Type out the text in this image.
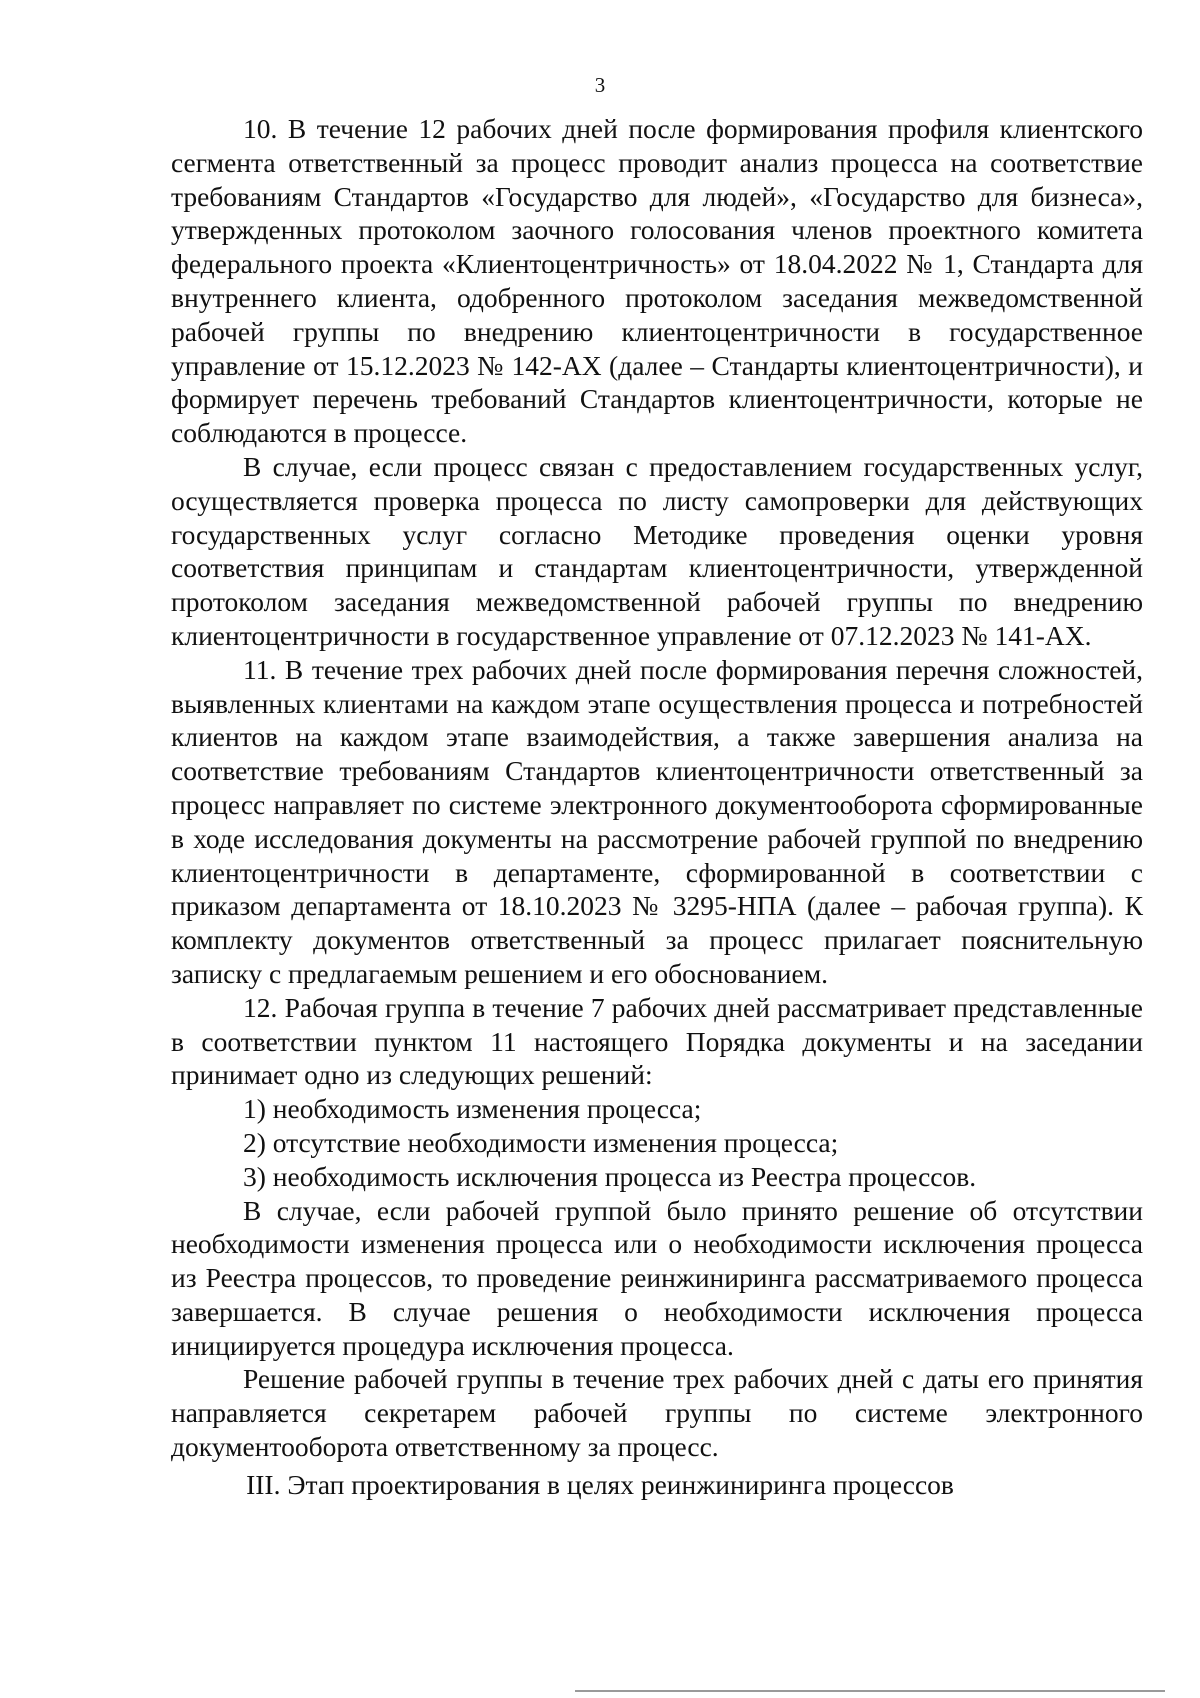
3

10. В течение 12 рабочих дней после формирования профиля клиентского сегмента ответственный за процесс проводит анализ процесса на соответствие требованиям Стандартов «Государство для людей», «Государство для бизнеса», утвержденных протоколом заочного голосования членов проектного комитета федерального проекта «Клиентоцентричность» от 18.04.2022 № 1, Стандарта для внутреннего клиента, одобренного протоколом заседания межведомственной рабочей группы по внедрению клиентоцентричности в государственное управление от 15.12.2023 № 142-АХ (далее – Стандарты клиентоцентричности), и формирует перечень требований Стандартов клиентоцентричности, которые не соблюдаются в процессе.

В случае, если процесс связан с предоставлением государственных услуг, осуществляется проверка процесса по листу самопроверки для действующих государственных услуг согласно Методике проведения оценки уровня соответствия принципам и стандартам клиентоцентричности, утвержденной протоколом заседания межведомственной рабочей группы по внедрению клиентоцентричности в государственное управление от 07.12.2023 № 141-АХ.

11. В течение трех рабочих дней после формирования перечня сложностей, выявленных клиентами на каждом этапе осуществления процесса и потребностей клиентов на каждом этапе взаимодействия, а также завершения анализа на соответствие требованиям Стандартов клиентоцентричности ответственный за процесс направляет по системе электронного документооборота сформированные в ходе исследования документы на рассмотрение рабочей группой по внедрению клиентоцентричности в департаменте, сформированной в соответствии с приказом департамента от 18.10.2023 № 3295-НПА (далее – рабочая группа). К комплекту документов ответственный за процесс прилагает пояснительную записку с предлагаемым решением и его обоснованием.

12. Рабочая группа в течение 7 рабочих дней рассматривает представленные в соответствии пунктом 11 настоящего Порядка документы и на заседании принимает одно из следующих решений:

1) необходимость изменения процесса;

2) отсутствие необходимости изменения процесса;

3) необходимость исключения процесса из Реестра процессов.

В случае, если рабочей группой было принято решение об отсутствии необходимости изменения процесса или о необходимости исключения процесса из Реестра процессов, то проведение реинжиниринга рассматриваемого процесса завершается. В случае решения о необходимости исключения процесса инициируется процедура исключения процесса.

Решение рабочей группы в течение трех рабочих дней с даты его принятия направляется секретарем рабочей группы по системе электронного документооборота ответственному за процесс.

III. Этап проектирования в целях реинжиниринга процессов
